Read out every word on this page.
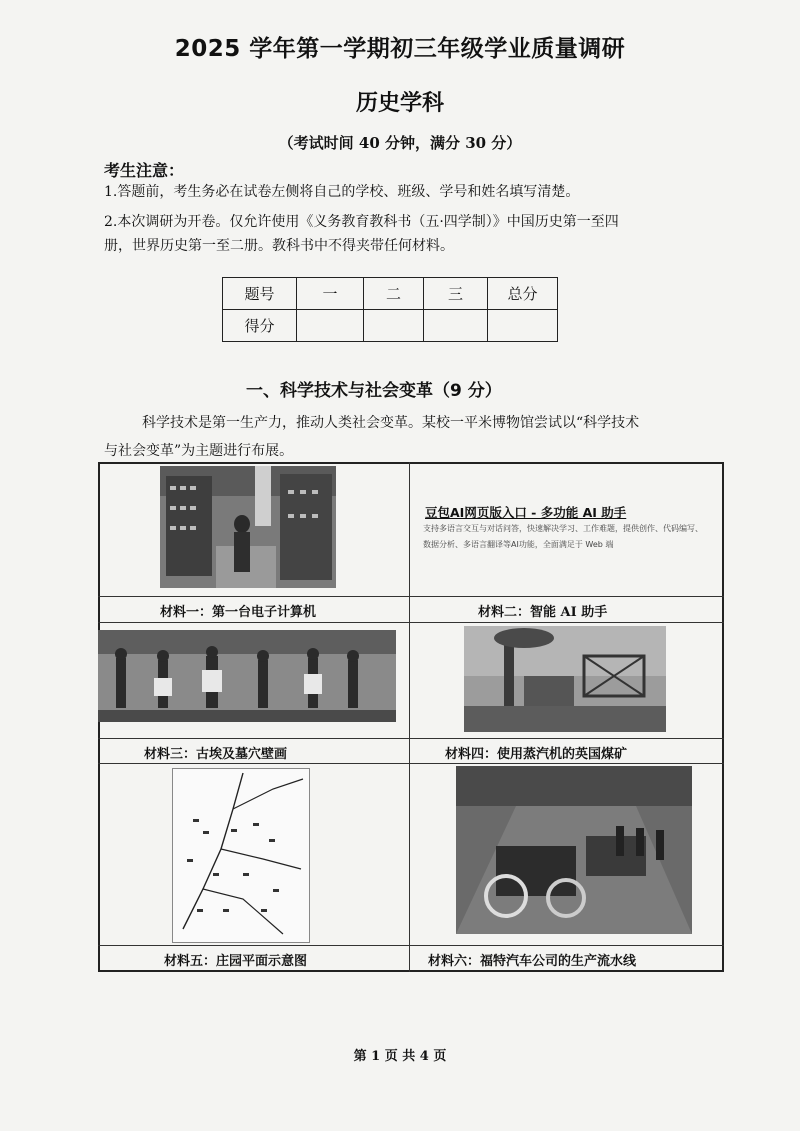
2025 学年第一学期初三年级学业质量调研
历史学科
（考试时间 40 分钟，满分 30 分）
考生注意：
1.答题前，考生务必在试卷左侧将自己的学校、班级、学号和姓名填写清楚。
2.本次调研为开卷。仅允许使用《义务教育教科书（五·四学制）》中国历史第一至四
册，世界历史第一至二册。教科书中不得夹带任何材料。
题号	一	二	三	总分
得分				
一、科学技术与社会变革（9 分）
科学技术是第一生产力，推动人类社会变革。某校一平米博物馆尝试以“科学技术
与社会变革”为主题进行布展。
豆包AI网页版入口 - 多功能 AI 助手
支持多语言交互与对话问答，快速解决学习、工作难题，提供创作、代码编写、数据分析、多语言翻译等AI功能，全面满足于 Web 端
材料一：第一台电子计算机	材料二：智能 AI 助手
材料三：古埃及墓穴壁画	材料四：使用蒸汽机的英国煤矿
材料五：庄园平面示意图	材料六：福特汽车公司的生产流水线
第 1 页 共 4 页
